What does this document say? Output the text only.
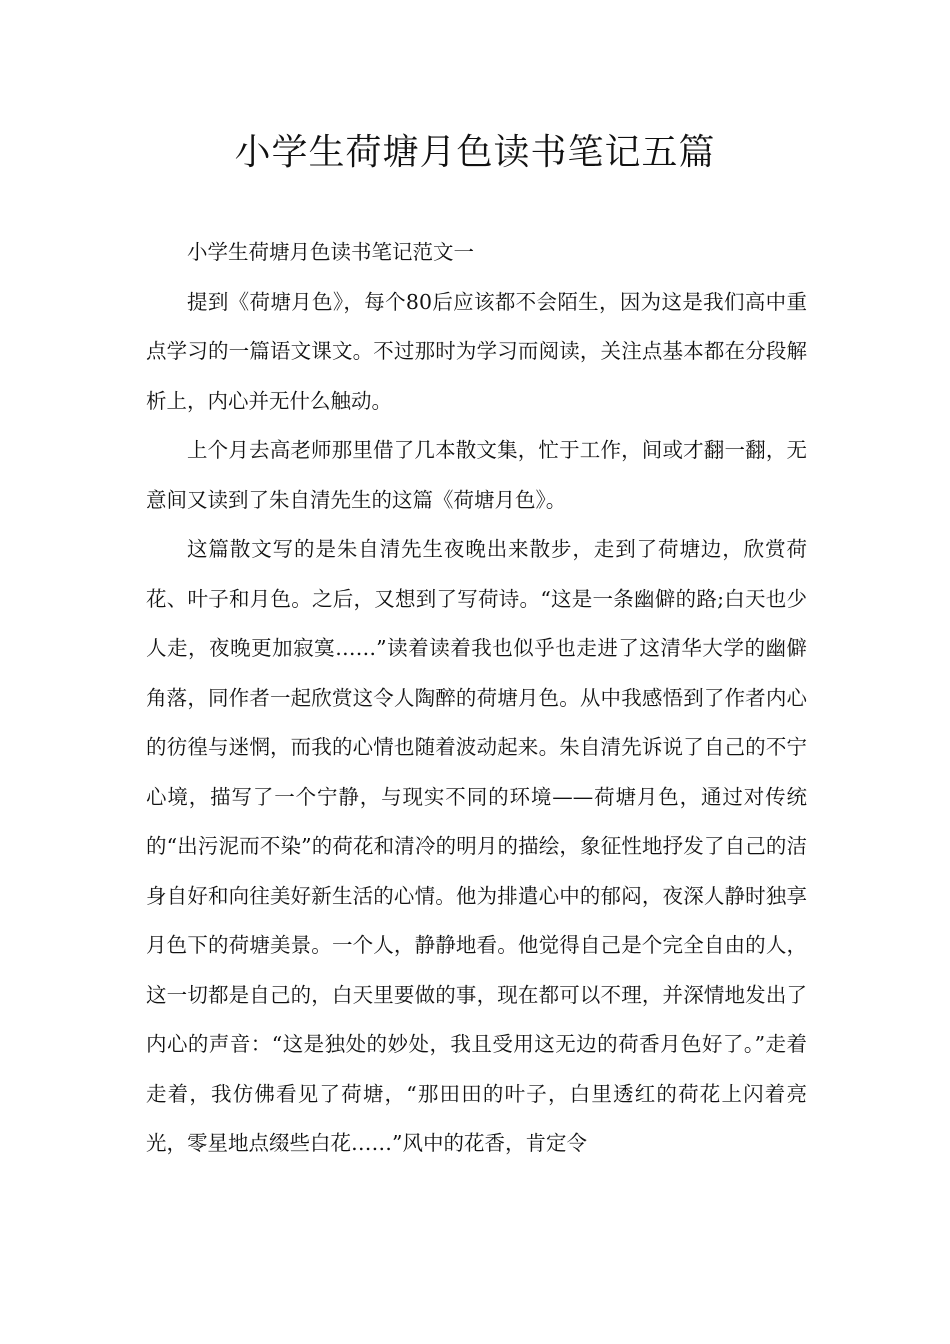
小学生荷塘月色读书笔记五篇

小学生荷塘月色读书笔记范文一

提到《荷塘月色》，每个80后应该都不会陌生，因为这是我们高中重点学习的一篇语文课文。不过那时为学习而阅读，关注点基本都在分段解析上，内心并无什么触动。

上个月去高老师那里借了几本散文集，忙于工作，间或才翻一翻，无意间又读到了朱自清先生的这篇《荷塘月色》。

这篇散文写的是朱自清先生夜晚出来散步，走到了荷塘边，欣赏荷花、叶子和月色。之后，又想到了写荷诗。“这是一条幽僻的路;白天也少人走，夜晚更加寂寞……”读着读着我也似乎也走进了这清华大学的幽僻角落，同作者一起欣赏这令人陶醉的荷塘月色。从中我感悟到了作者内心的彷徨与迷惘，而我的心情也随着波动起来。朱自清先诉说了自己的不宁心境，描写了一个宁静，与现实不同的环境——荷塘月色，通过对传统的“出污泥而不染”的荷花和清冷的明月的描绘，象征性地抒发了自己的洁身自好和向往美好新生活的心情。他为排遣心中的郁闷，夜深人静时独享月色下的荷塘美景。一个人，静静地看。他觉得自己是个完全自由的人，这一切都是自己的，白天里要做的事，现在都可以不理，并深情地发出了内心的声音：“这是独处的妙处，我且受用这无边的荷香月色好了。”走着走着，我仿佛看见了荷塘，“那田田的叶子，白里透红的荷花上闪着亮光，零星地点缀些白花……”风中的花香，肯定令
